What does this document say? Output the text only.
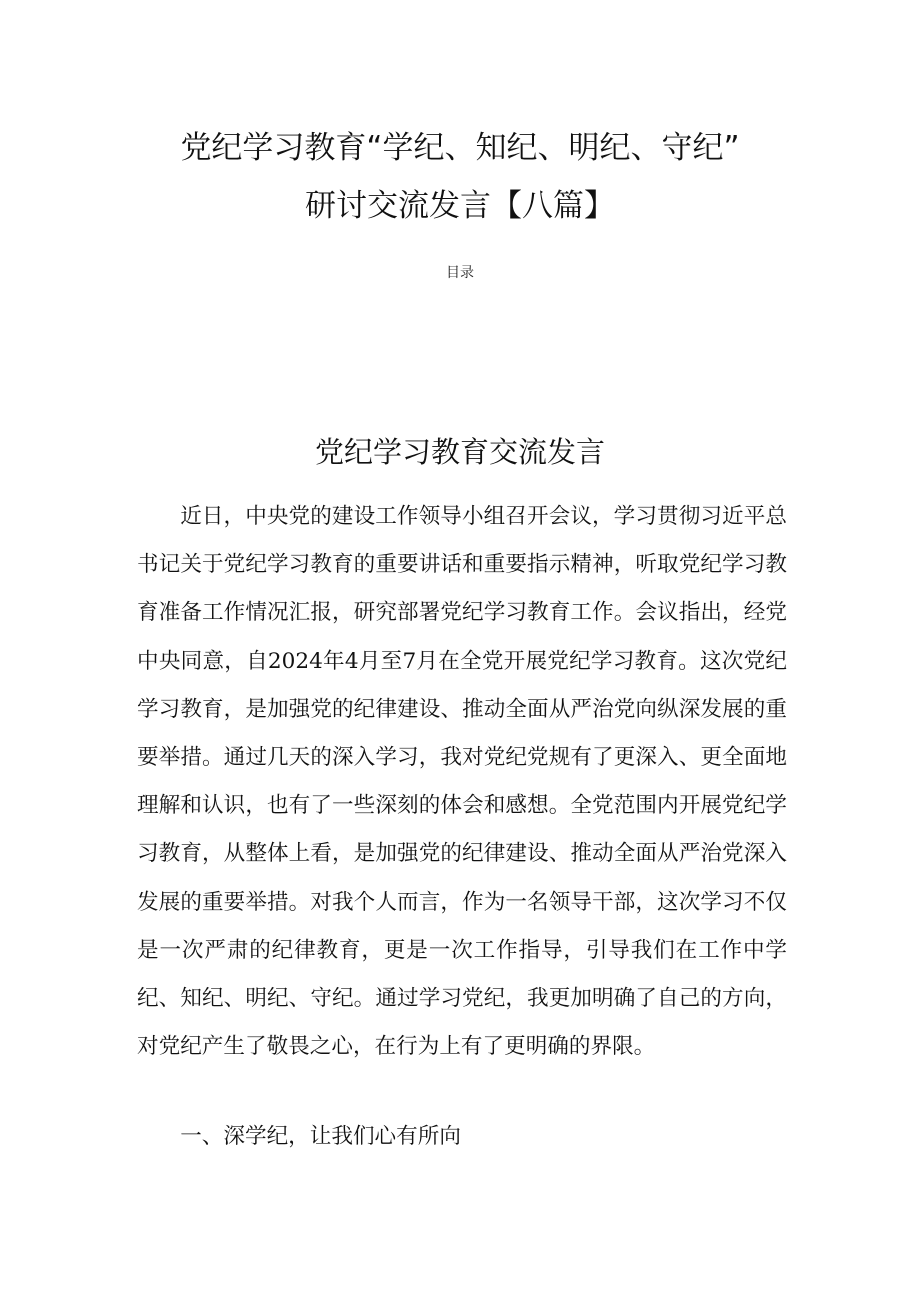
党纪学习教育“学纪、知纪、明纪、守纪”
研讨交流发言【八篇】
目录
党纪学习教育交流发言

近日，中央党的建设工作领导小组召开会议，学习贯彻习近平总书记关于党纪学习教育的重要讲话和重要指示精神，听取党纪学习教育准备工作情况汇报，研究部署党纪学习教育工作。会议指出，经党中央同意，自2024年4月至7月在全党开展党纪学习教育。这次党纪学习教育，是加强党的纪律建设、推动全面从严治党向纵深发展的重要举措。通过几天的深入学习，我对党纪党规有了更深入、更全面地理解和认识，也有了一些深刻的体会和感想。全党范围内开展党纪学习教育，从整体上看，是加强党的纪律建设、推动全面从严治党深入发展的重要举措。对我个人而言，作为一名领导干部，这次学习不仅是一次严肃的纪律教育，更是一次工作指导，引导我们在工作中学纪、知纪、明纪、守纪。通过学习党纪，我更加明确了自己的方向，对党纪产生了敬畏之心，在行为上有了更明确的界限。

一、深学纪，让我们心有所向
